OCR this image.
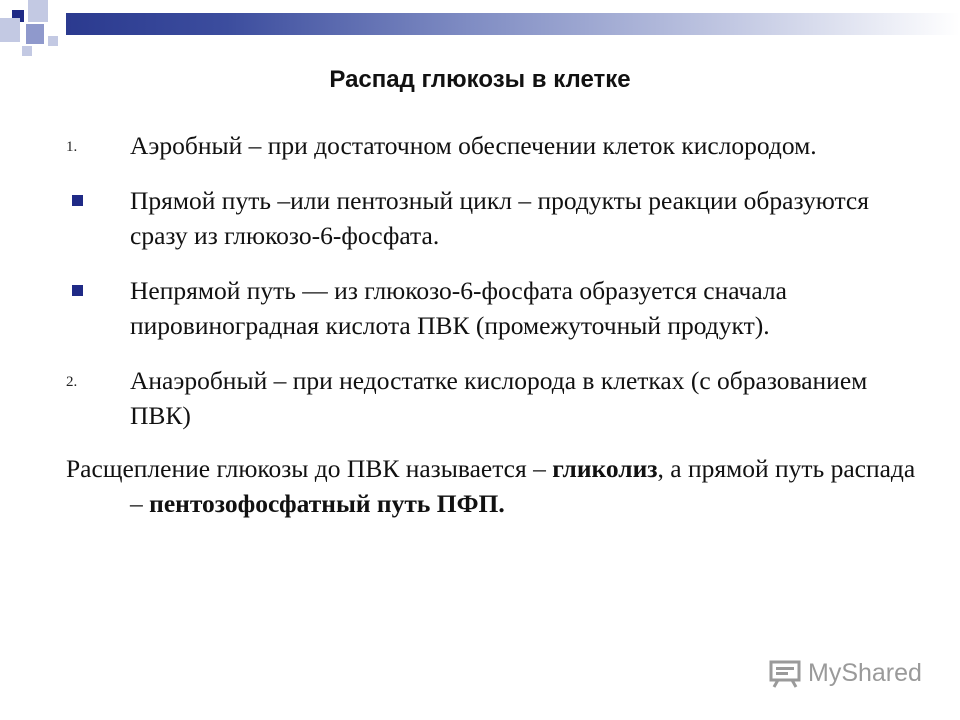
Распад глюкозы в клетке
1. Аэробный – при достаточном обеспечении клеток кислородом.
Прямой путь –или пентозный цикл – продукты реакции образуются сразу из глюкозо-6-фосфата.
Непрямой путь — из глюкозо-6-фосфата образуется сначала пировиноградная кислота ПВК (промежуточный продукт).
2. Анаэробный – при недостатке кислорода в клетках (с образованием ПВК)
Расщепление глюкозы до ПВК называется – гликолиз, а прямой путь распада – пентозофосфатный путь ПФП.
MyShared
